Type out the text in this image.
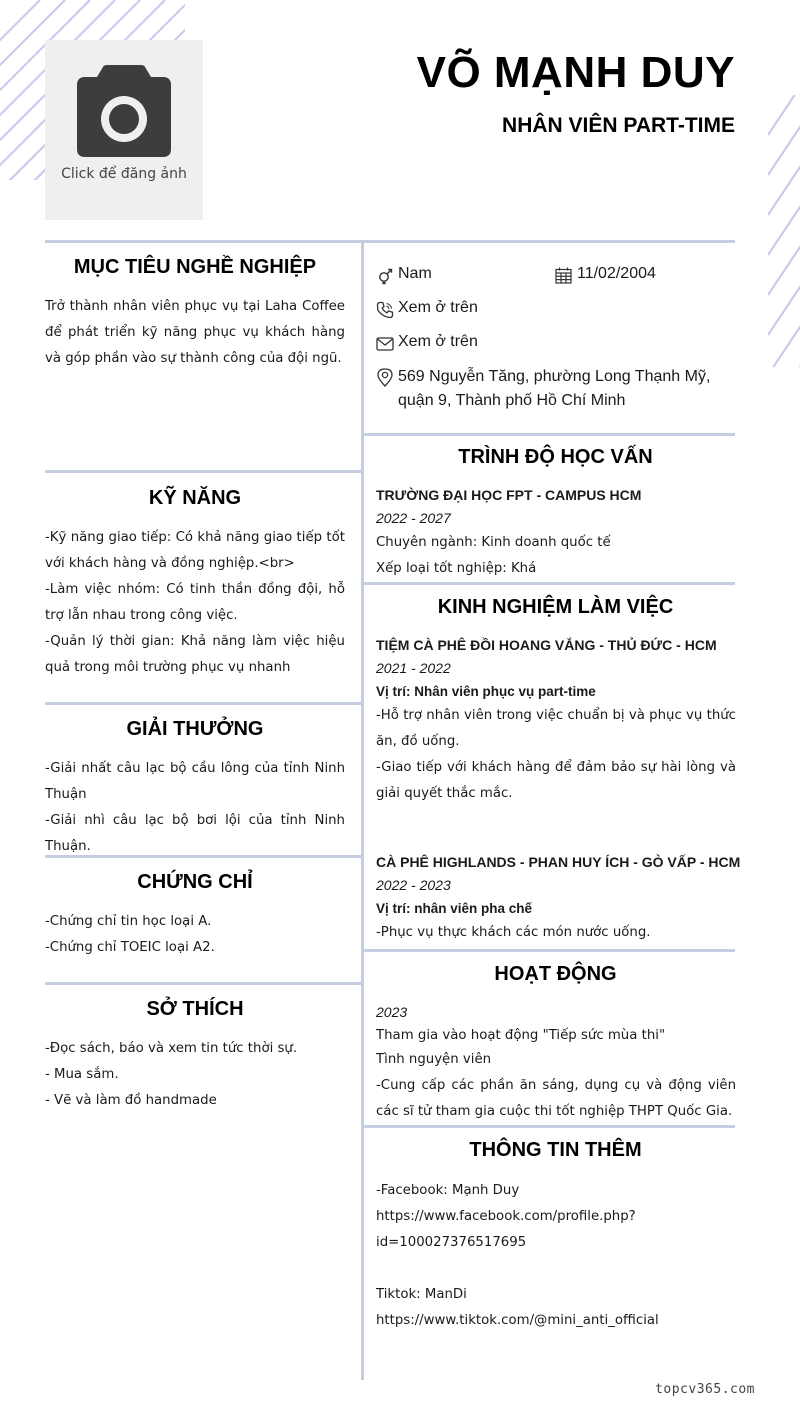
Click để đăng ảnh
VÕ MẠNH DUY
NHÂN VIÊN PART-TIME
MỤC TIÊU NGHỀ NGHIỆP

Trở thành nhân viên phục vụ tại Laha Coffee để phát triển kỹ năng phục vụ khách hàng và góp phần vào sự thành công của đội ngũ.

KỸ NĂNG

-Kỹ năng giao tiếp: Có khả năng giao tiếp tốt với khách hàng và đồng nghiệp.<br>

-Làm việc nhóm: Có tinh thần đồng đội, hỗ trợ lẫn nhau trong công việc.

-Quản lý thời gian: Khả năng làm việc hiệu quả trong môi trường phục vụ nhanh

GIẢI THƯỞNG

-Giải nhất câu lạc bộ cầu lông của tỉnh Ninh Thuận

-Giải nhì câu lạc bộ bơi lội của tỉnh Ninh Thuận.

CHỨNG CHỈ

-Chứng chỉ tin học loại A.

-Chứng chỉ TOEIC loại A2.

SỞ THÍCH

-Đọc sách, báo và xem tin tức thời sự.

- Mua sắm.

- Vẽ và làm đồ handmade

Nam	11/02/2004
Xem ở trên
Xem ở trên
569 Nguyễn Tăng, phường Long Thạnh Mỹ, quận 9, Thành phố Hồ Chí Minh
TRÌNH ĐỘ HỌC VẤN

TRƯỜNG ĐẠI HỌC FPT - CAMPUS HCM

2022 - 2027

Chuyên ngành: Kinh doanh quốc tế

Xếp loại tốt nghiệp: Khá

KINH NGHIỆM LÀM VIỆC

TIỆM CÀ PHÊ ĐỒI HOANG VẮNG - THỦ ĐỨC - HCM

2021 - 2022

Vị trí: Nhân viên phục vụ part-time

-Hỗ trợ nhân viên trong việc chuẩn bị và phục vụ thức ăn, đồ uống.

-Giao tiếp với khách hàng để đảm bảo sự hài lòng và giải quyết thắc mắc.

CÀ PHÊ HIGHLANDS - PHAN HUY ÍCH - GÒ VẤP - HCM

2022 - 2023

Vị trí: nhân viên pha chế

-Phục vụ thực khách các món nước uống.

HOẠT ĐỘNG

2023

Tham gia vào hoạt động "Tiếp sức mùa thi"

Tình nguyện viên

-Cung cấp các phần ăn sáng, dụng cụ và động viên các sĩ tử tham gia cuộc thi tốt nghiệp THPT Quốc Gia.

THÔNG TIN THÊM

-Facebook: Mạnh Duy

https://www.facebook.com/profile.php?

id=100027376517695

Tiktok: ManDi

https://www.tiktok.com/@mini_anti_official

topcv365.com
